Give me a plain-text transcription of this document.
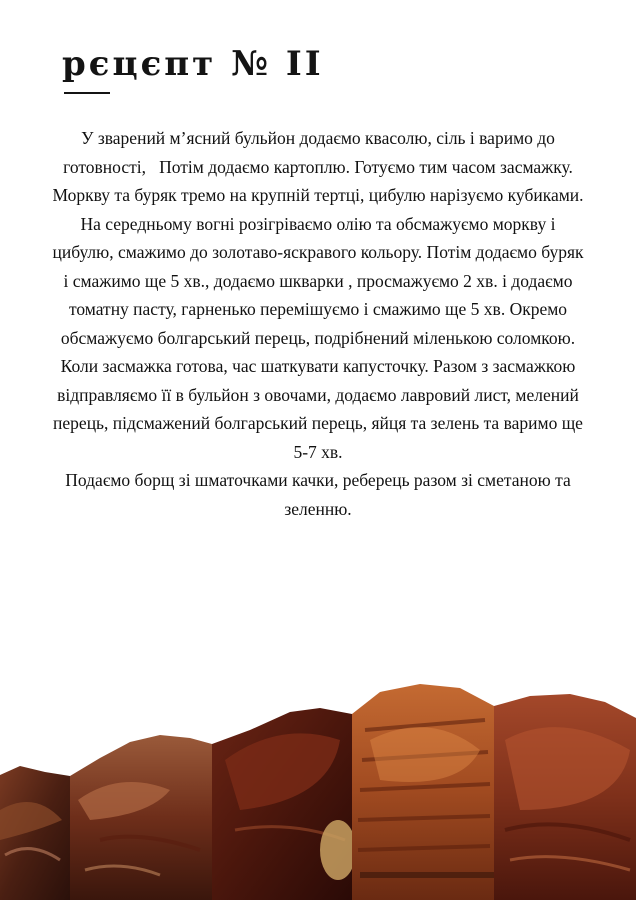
рєцєпт № ІІ

У зварений м’ясний бульйон додаємо квасолю, сіль і варимо до готовності,   Потім додаємо картоплю. Готуємо тим часом засмажку. Моркву та буряк тремо на крупній тертці, цибулю нарізуємо кубиками. На середньому вогні розігріваємо олію та обсмажуємо моркву і цибулю, смажимо до золотаво-яскравого кольору. Потім додаємо буряк і смажимо ще 5 хв., додаємо шкварки , просмажуємо 2 хв. і додаємо томатну пасту, гарненько перемішуємо і смажимо ще 5 хв. Окремо обсмажуємо болгарський перець, подрібнений міленькою соломкою.

Коли засмажка готова, час шаткувати капусточку. Разом з засмажкою відправляємо її в бульйон з овочами, додаємо лавровий лист, мелений перець, підсмажений болгарський перець, яйця та зелень та варимо ще 5-7 хв.

Подаємо борщ зі шматочками качки, реберець разом зі сметаною та зеленню.
